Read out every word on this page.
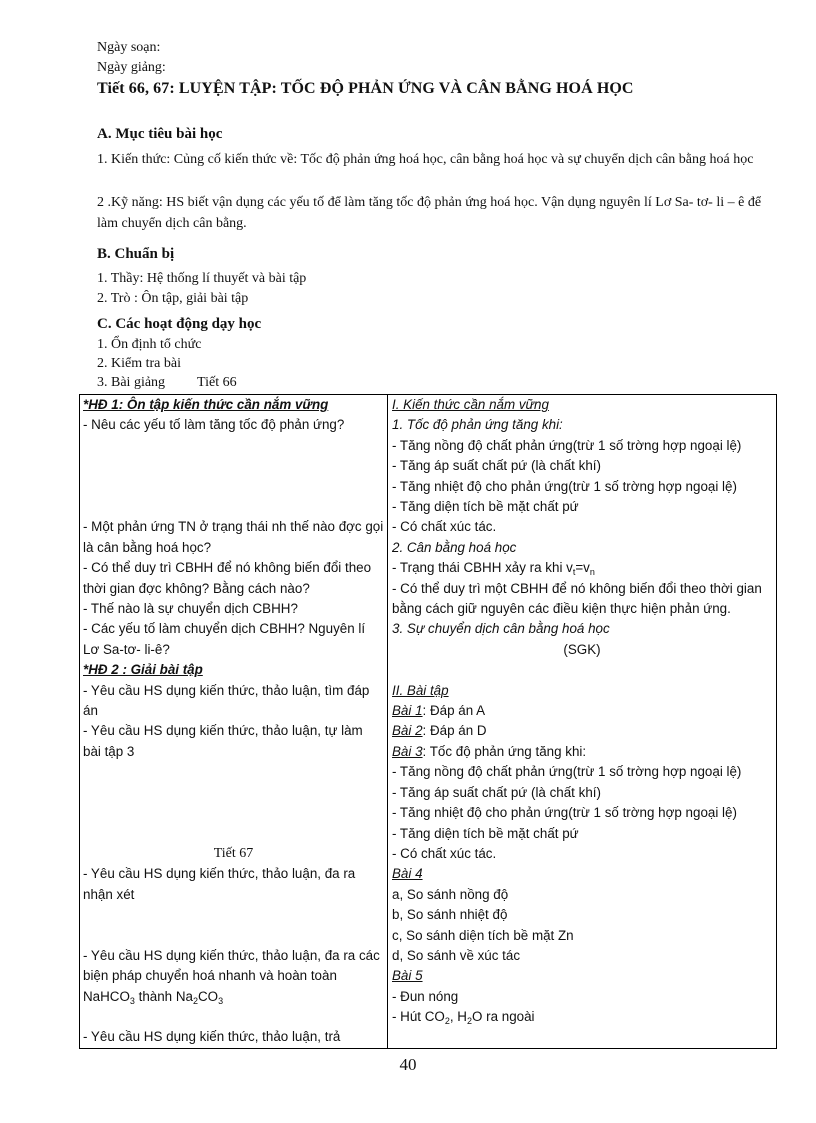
Ngày soạn:
Ngày giảng:
Tiết 66, 67: LUYỆN TẬP: TỐC ĐỘ PHẢN ỨNG VÀ CÂN BẰNG HOÁ HỌC
A. Mục tiêu bài học
1. Kiến thức: Củng cố kiến thức về: Tốc độ phản ứng hoá học, cân bằng hoá học và sự chuyển dịch cân bằng hoá học
2 .Kỹ năng: HS biết vận dụng các yếu tố để làm tăng tốc độ phản ứng hoá học. Vận dụng nguyên lí Lơ Sa- tơ- li – ê để làm chuyển dịch cân bằng.
B. Chuẩn bị
1. Thầy: Hệ thống lí thuyết và bài tập
2. Trò : Ôn tập, giải bài tập
C. Các hoạt động dạy học
1. Ổn định tổ chức
2. Kiểm tra bài
3. Bài giảng Tiết 66
*HĐ 1: Ôn tập kiến thức cần nắm vững
- Nêu các yếu tố làm tăng tốc độ phản ứng?
- Một phản ứng TN ở trạng thái nh thế nào đợc gọi là cân bằng hoá học?
- Có thể duy trì CBHH để nó không biến đổi theo thời gian đợc không? Bằng cách nào?
- Thế nào là sự chuyển dịch CBHH?
- Các yếu tố làm chuyển dịch CBHH? Nguyên lí Lơ Sa-tơ- li-ê?
*HĐ 2 : Giải bài tập
- Yêu cầu HS dụng kiến thức, thảo luận, tìm đáp án
- Yêu cầu HS dụng kiến thức, thảo luận, tự làm bài tập 3
Tiết 67
- Yêu cầu HS dụng kiến thức, thảo luận, đa ra nhận xét
- Yêu cầu HS dụng kiến thức, thảo luận, đa ra các biện pháp chuyển hoá nhanh và hoàn toàn NaHCO$_3$ thành $Na_2CO_3$
- Yêu cầu HS dụng kiến thức, thảo luận, trả

I. Kiến thức cần nắm vững
1. Tốc độ phản ứng tăng khi:
- Tăng nồng độ chất phản ứng(trừ 1 số trờng hợp ngoại lệ)
- Tăng áp suất chất pứ (là chất khí)
- Tăng nhiệt độ cho phản ứng(trừ 1 số trờng hợp ngoại lệ)
- Tăng diện tích bề mặt chất pứ
- Có chất xúc tác.
2. Cân bằng hoá học
- Trạng thái CBHH xảy ra khi $v_t=v_n$
- Có thể duy trì một CBHH để nó không biến đổi theo thời gian bằng cách giữ nguyên các điều kiện thực hiện phản ứng.
3. Sự chuyển dịch cân bằng hoá học
(SGK)
II. Bài tập
Bài 1: Đáp án A
Bài 2: Đáp án D
Bài 3: Tốc độ phản ứng tăng khi:
- Tăng nồng độ chất phản ứng(trừ 1 số trờng hợp ngoại lệ)
- Tăng áp suất chất pứ (là chất khí)
- Tăng nhiệt độ cho phản ứng(trừ 1 số trờng hợp ngoại lệ)
- Tăng diện tích bề mặt chất pứ
- Có chất xúc tác.
Bài 4
a, So sánh nồng độ
b, So sánh nhiệt độ
c, So sánh diện tích bề mặt Zn
d, So sánh về xúc tác
Bài 5
- Đun nóng
- Hút $CO_2$, $H_2O$ ra ngoài
40
